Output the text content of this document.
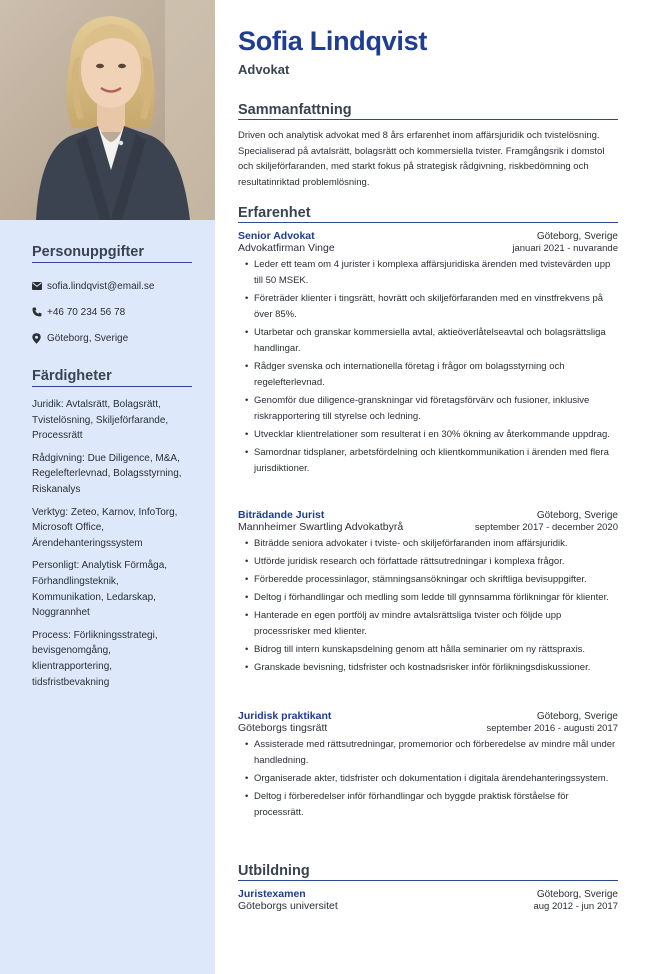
Personuppgifter
sofia.lindqvist@email.se
+46 70 234 56 78
Göteborg, Sverige
Färdigheter
Juridik: Avtalsrätt, Bolagsrätt, Tvistelösning, Skiljeförfarande, Processrätt
Rådgivning: Due Diligence, M&A, Regelefterlevnad, Bolagsstyrning, Riskanalys
Verktyg: Zeteo, Karnov, InfoTorg, Microsoft Office, Ärendehanteringssystem
Personligt: Analytisk Förmåga, Förhandlingsteknik, Kommunikation, Ledarskap, Noggrannhet
Process: Förlikningsstrategi, bevisgenomgång, klientrapportering, tidsfristbevakning
Sofia Lindqvist
Advokat
Sammanfattning
Driven och analytisk advokat med 8 års erfarenhet inom affärsjuridik och tvistelösning. Specialiserad på avtalsrätt, bolagsrätt och kommersiella tvister. Framgångsrik i domstol och skiljeförfaranden, med starkt fokus på strategisk rådgivning, riskbedömning och resultatinriktad problemlösning.
Erfarenhet
Senior Advokat	Göteborg, Sverige
Advokatfirman Vinge	januari 2021 - nuvarande
• Leder ett team om 4 jurister i komplexa affärsjuridiska ärenden med tvistevärden upp till 50 MSEK.
• Företräder klienter i tingsrätt, hovrätt och skiljeförfaranden med en vinstfrekvens på över 85%.
• Utarbetar och granskar kommersiella avtal, aktieöverlåtelseavtal och bolagsrättsliga handlingar.
• Rådger svenska och internationella företag i frågor om bolagsstyrning och regelefterlevnad.
• Genomför due diligence-granskningar vid företagsförvärv och fusioner, inklusive riskrapportering till styrelse och ledning.
• Utvecklar klientrelationer som resulterat i en 30% ökning av återkommande uppdrag.
• Samordnar tidsplaner, arbetsfördelning och klientkommunikation i ärenden med flera jurisdiktioner.
Biträdande Jurist	Göteborg, Sverige
Mannheimer Swartling Advokatbyrå	september 2017 - december 2020
• Biträdde seniora advokater i tviste- och skiljeförfaranden inom affärsjuridik.
• Utförde juridisk research och författade rättsutredningar i komplexa frågor.
• Förberedde processinlagor, stämningsansökningar och skriftliga bevisuppgifter.
• Deltog i förhandlingar och medling som ledde till gynnsamma förlikningar för klienter.
• Hanterade en egen portfölj av mindre avtalsrättsliga tvister och följde upp processrisker med klienter.
• Bidrog till intern kunskapsdelning genom att hålla seminarier om ny rättspraxis.
• Granskade bevisning, tidsfrister och kostnadsrisker inför förlikningsdiskussioner.
Juridisk praktikant	Göteborg, Sverige
Göteborgs tingsrätt	september 2016 - augusti 2017
• Assisterade med rättsutredningar, promemorior och förberedelse av mindre mål under handledning.
• Organiserade akter, tidsfrister och dokumentation i digitala ärendehanteringssystem.
• Deltog i förberedelser inför förhandlingar och byggde praktisk förståelse för processrätt.
Utbildning
Juristexamen	Göteborg, Sverige
Göteborgs universitet	aug 2012 - jun 2017
